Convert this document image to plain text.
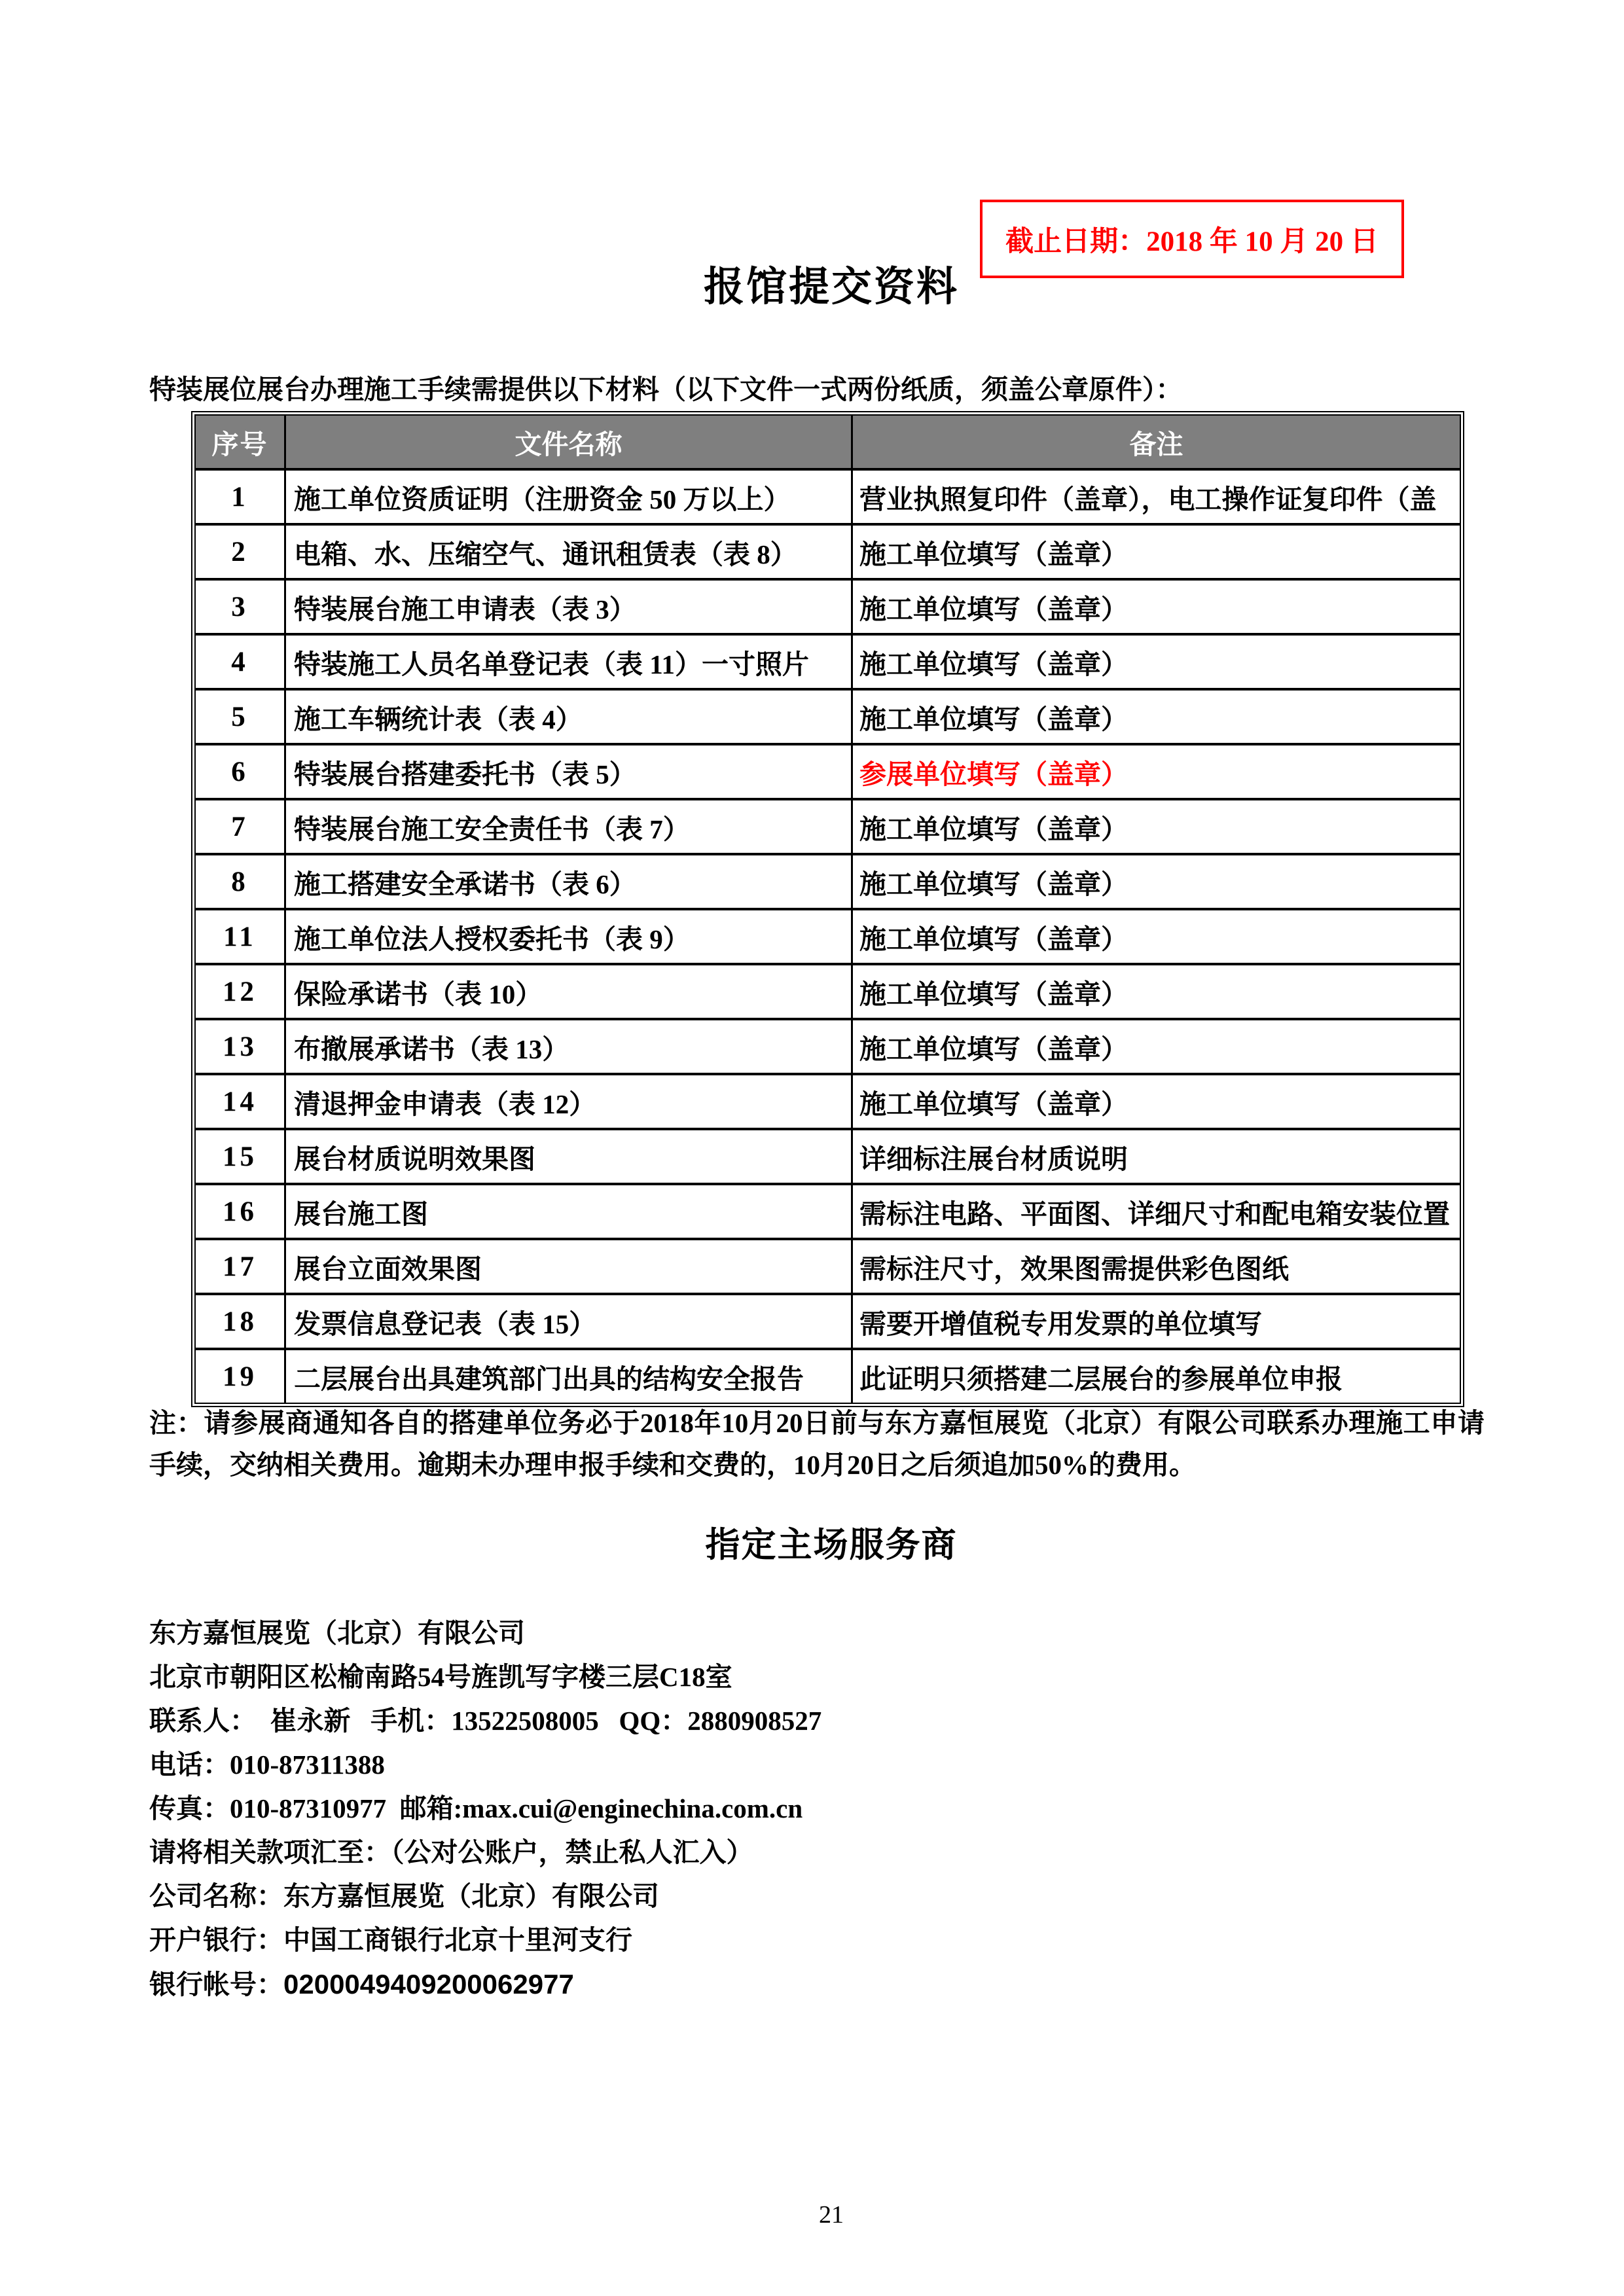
截止日期：2018 年 10 月 20 日
报馆提交资料
特装展位展台办理施工手续需提供以下材料（以下文件一式两份纸质，须盖公章原件）：
序号	文件名称	备注
1	施工单位资质证明（注册资金 50 万以上）	营业执照复印件（盖章），电工操作证复印件（盖
2	电箱、水、压缩空气、通讯租赁表（表 8）	施工单位填写（盖章）
3	特装展台施工申请表（表 3）	施工单位填写（盖章）
4	特装施工人员名单登记表（表 11）一寸照片	施工单位填写（盖章）
5	施工车辆统计表（表 4）	施工单位填写（盖章）
6	特装展台搭建委托书（表 5）	参展单位填写（盖章）
7	特装展台施工安全责任书（表 7）	施工单位填写（盖章）
8	施工搭建安全承诺书（表 6）	施工单位填写（盖章）
11	施工单位法人授权委托书（表 9）	施工单位填写（盖章）
12	保险承诺书（表 10）	施工单位填写（盖章）
13	布撤展承诺书（表 13）	施工单位填写（盖章）
14	清退押金申请表（表 12）	施工单位填写（盖章）
15	展台材质说明效果图	详细标注展台材质说明
16	展台施工图	需标注电路、平面图、详细尺寸和配电箱安装位置
17	展台立面效果图	需标注尺寸，效果图需提供彩色图纸
18	发票信息登记表（表 15）	需要开增值税专用发票的单位填写
19	二层展台出具建筑部门出具的结构安全报告	此证明只须搭建二层展台的参展单位申报
注：请参展商通知各自的搭建单位务必于2018年10月20日前与东方嘉恒展览（北京）有限公司联系办理施工申请手续，交纳相关费用。逾期未办理申报手续和交费的，10月20日之后须追加50%的费用。
指定主场服务商
东方嘉恒展览（北京）有限公司
北京市朝阳区松榆南路54号旌凯写字楼三层C18室
联系人：  崔永新   手机：13522508005   QQ：2880908527
电话：010-87311388
传真：010-87310977  邮箱:max.cui@enginechina.com.cn
请将相关款项汇至：（公对公账户，禁止私人汇入）
公司名称：东方嘉恒展览（北京）有限公司
开户银行：中国工商银行北京十里河支行
银行帐号：0200049409200062977
21
